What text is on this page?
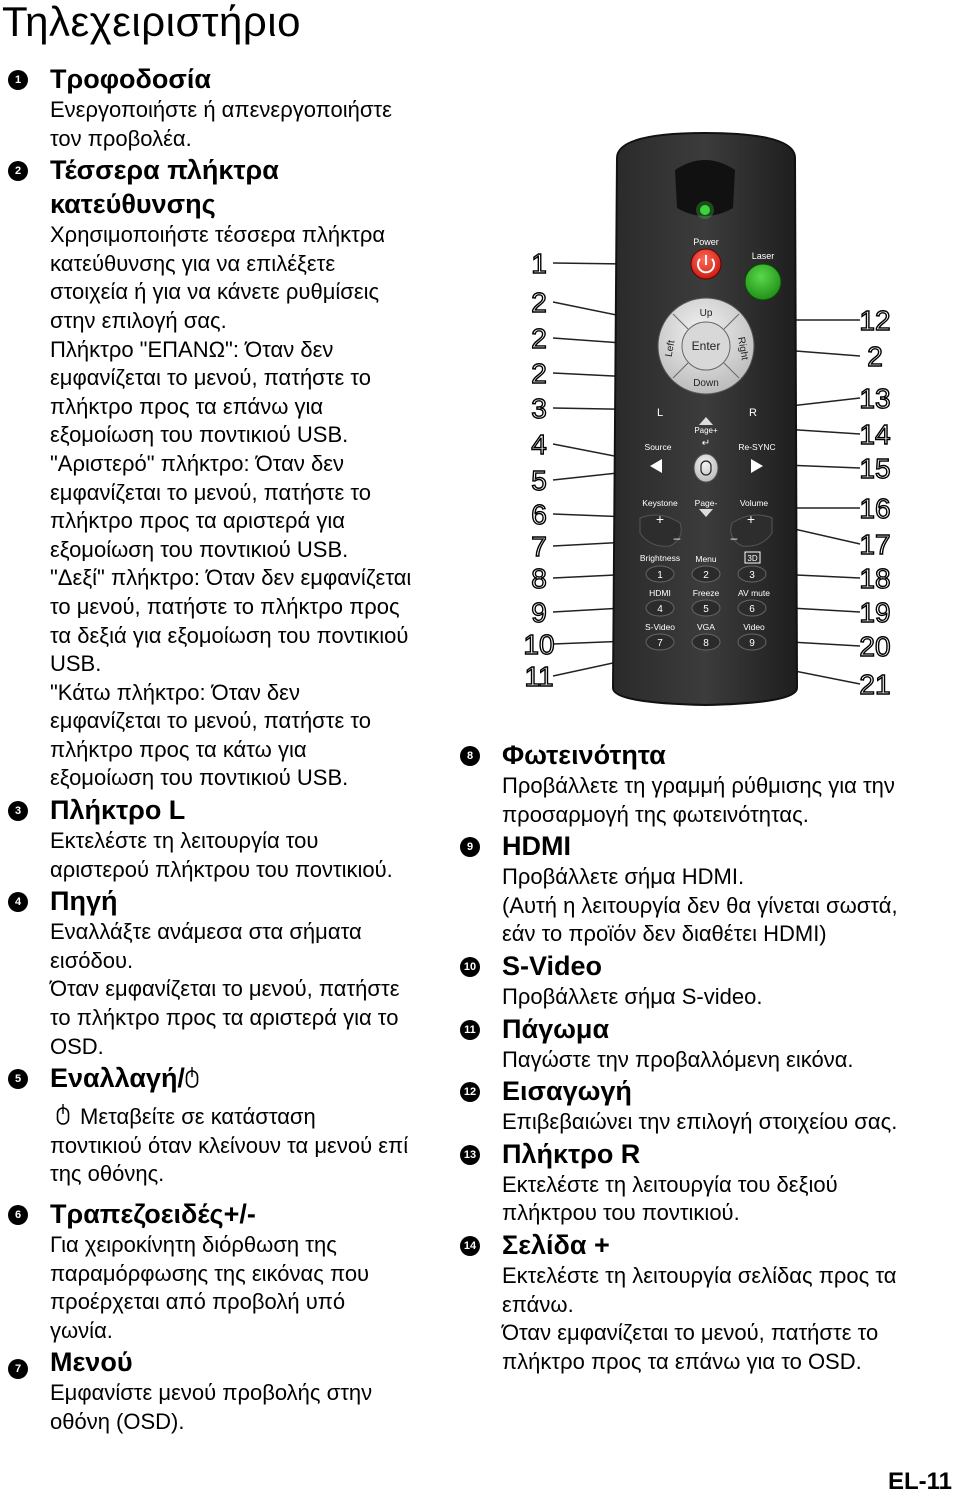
Τηλεχειριστήριο
1 Τροφοδοσία

Ενεργοποιήστε ή απενεργοποιήστε

τον προβολέα.

2 Τέσσερα πλήκτρα
κατεύθυνσης

Χρησιμοποιήστε τέσσερα πλήκτρα

κατεύθυνσης για να επιλέξετε

στοιχεία ή για να κάνετε ρυθμίσεις

στην επιλογή σας.

Πλήκτρο "ΕΠΑΝΩ": Όταν δεν

εμφανίζεται το μενού, πατήστε το

πλήκτρο προς τα επάνω για

εξομοίωση του ποντικιού USB.

"Αριστερό" πλήκτρο: Όταν δεν

εμφανίζεται το μενού, πατήστε το

πλήκτρο προς τα αριστερά για

εξομοίωση του ποντικιού USB.

"Δεξί" πλήκτρο: Όταν δεν εμφανίζεται

το μενού, πατήστε το πλήκτρο προς

τα δεξιά για εξομοίωση του ποντικιού

USB.

"Κάτω πλήκτρο: Όταν δεν

εμφανίζεται το μενού, πατήστε το

πλήκτρο προς τα κάτω για

εξομοίωση του ποντικιού USB.

3 Πλήκτρο L

Εκτελέστε τη λειτουργία του

αριστερού πλήκτρου του ποντικιού.

4 Πηγή

Εναλλάξτε ανάμεσα στα σήματα

εισόδου.

Όταν εμφανίζεται το μενού, πατήστε

το πλήκτρο προς τα αριστερά για το

OSD.

5 Εναλλαγή/

Μεταβείτε σε κατάσταση

ποντικιού όταν κλείνουν τα μενού επί

της οθόνης.

6 Τραπεζοειδές+/-

Για χειροκίνητη διόρθωση της

παραμόρφωσης της εικόνας που

προέρχεται από προβολή υπό

γωνία.

7 Μενού

Εμφανίστε μενού προβολής στην

οθόνη (OSD).

8 Φωτεινότητα

Προβάλλετε τη γραμμή ρύθμισης για την

προσαρμογή της φωτεινότητας.

9 HDMI

Προβάλλετε σήμα HDMI.

(Αυτή η λειτουργία δεν θα γίνεται σωστά,

εάν το προϊόν δεν διαθέτει HDMI)

10 S-Video

Προβάλλετε σήμα S-video.

11 Πάγωμα

Παγώστε την προβαλλόμενη εικόνα.

12 Εισαγωγή

Επιβεβαιώνει την επιλογή στοιχείου σας.

13 Πλήκτρο R

Εκτελέστε τη λειτουργία του δεξιού

πλήκτρου του ποντικιού.

14 Σελίδα +

Εκτελέστε τη λειτουργία σελίδας προς τα

επάνω.

Όταν εμφανίζεται το μενού, πατήστε το

πλήκτρο προς τα επάνω για το OSD.

Power
Laser
Up
Enter
Down
Left	Right
L	R
Page+
↵
Source	Re-SYNC
Keystone Page-	Volume
+
–
+
–
Brightness Menu	3D
1	2	3
4	5	6
7	8	9
HDMI	Freeze AV mute
S-Video	VGA	Video
1
2
2
2
3
4
5
6
7
8
9
10
11
12
2
13
14
15
16
17
18
19
20
21
EL-11
